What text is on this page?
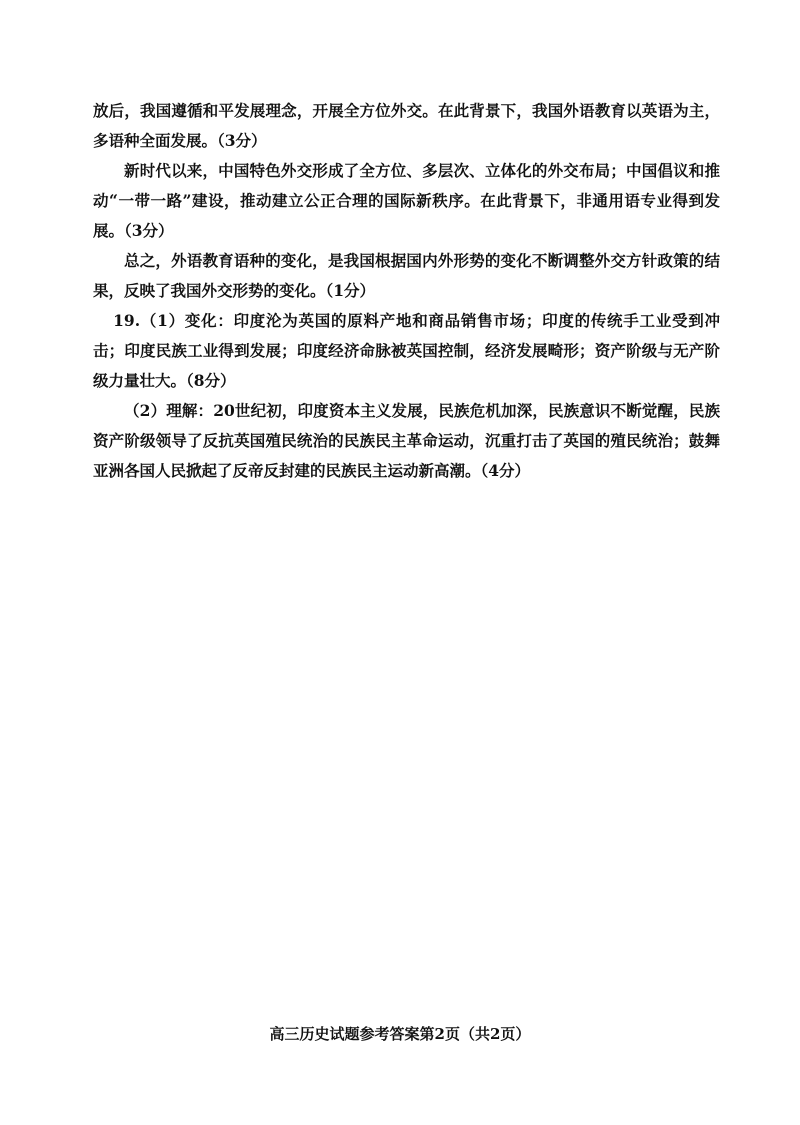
放后，我国遵循和平发展理念，开展全方位外交。在此背景下，我国外语教育以英语为主，多语种全面发展。（3分）

新时代以来，中国特色外交形成了全方位、多层次、立体化的外交布局；中国倡议和推动“一带一路”建设，推动建立公正合理的国际新秩序。在此背景下，非通用语专业得到发展。（3分）

总之，外语教育语种的变化，是我国根据国内外形势的变化不断调整外交方针政策的结果，反映了我国外交形势的变化。（1分）

19.（1）变化：印度沦为英国的原料产地和商品销售市场；印度的传统手工业受到冲击；印度民族工业得到发展；印度经济命脉被英国控制，经济发展畸形；资产阶级与无产阶级力量壮大。（8分）

（2）理解：20世纪初，印度资本主义发展，民族危机加深，民族意识不断觉醒，民族资产阶级领导了反抗英国殖民统治的民族民主革命运动，沉重打击了英国的殖民统治；鼓舞亚洲各国人民掀起了反帝反封建的民族民主运动新高潮。（4分）

高三历史试题参考答案第2页（共2页）
